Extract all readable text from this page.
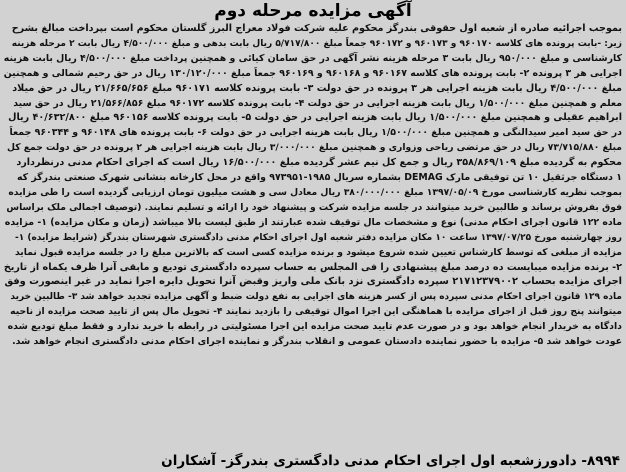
آگهی مزایده مرحله دوم
بموجب اجرائیه صادره از شعبه اول حقوقی بندرگز محکوم علیه شرکت فولاد معراج البرز گلستان محکوم است بپرداخت مبالغ بشرح
زیر: -بابت پرونده های کلاسه ۹۶۰۱۷۰ و ۹۶۰۱۷۳ و ۹۶۰۱۷۲ جمعاً مبلغ ۵/۷۱۷/۸۰۰ ریال بابت بدهی و مبلغ ۴/۵۰۰/۰۰۰ ریال بابت ۲ مرحله هزینه
کارشناسی و مبلغ ۹۵۰/۰۰۰ ریال بابت ۳ مرحله هزینه نشر آگهی در حق سامان کیائی و همچنین پرداخت مبلغ ۴/۵۰۰/۰۰۰ ریال بابت هزینه
اجرایی هر ۳ پرونده ۲- بابت پرونده های کلاسه ۹۶۰۱۶۷ و ۹۶۰۱۶۸ و ۹۶۰۱۶۹ جمعاً مبلغ ۱۳۰/۱۲۰/۰۰۰ ریال در حق رحیم شمالی و همچنین
مبلغ ۴/۵۰۰/۰۰۰ ریال بابت هزینه اجرایی هر ۳ پرونده در حق دولت ۳- بابت پرونده کلاسه ۹۶۰۱۷۱ مبلغ ۲۱/۶۶۵/۶۵۶ ریال در حق میلاد
معلم و همچنین مبلغ ۱/۵۰۰/۰۰۰ ریال بابت هزینه اجرایی در حق دولت ۴- بابت پرونده کلاسه ۹۶۰۱۷۲ مبلغ ۲۱/۵۶۶/۸۵۶ ریال در حق سید
ابراهیم عقیلی و همچنین مبلغ ۱/۵۰۰/۰۰۰ ریال بابت هزینه اجرایی در حق دولت ۵- بابت پرونده کلاسه ۹۶۰۱۵۶ مبلغ ۴۰/۶۳۲/۸۰۰ ریال
در حق سید امیر سیدالنگی و همچنین مبلغ ۱/۵۰۰/۰۰۰ ریال بابت هزینه اجرایی در حق دولت ۶- بابت پرونده های ۹۶۰۱۴۸ و ۹۶۰۳۴۴ جمعاً
مبلغ ۷۳/۷۱۵/۸۸۰ ریال در حق مرتضی ریاحی وزواری و همچنین مبلغ ۳/۰۰۰/۰۰۰ ریال بابت هزینه اجرایی هر ۲ پرونده در حق دولت جمع کل
محکوم به گردیده مبلغ ۳۵۸/۸۶۹/۱۰۹ ریال و جمع کل نیم عشر گردیده مبلغ ۱۶/۵۰۰/۰۰۰ ریال است که اجرای احکام مدنی درنظردارد
۱ دستگاه جرثقیل ۱۰ تن توفیقی مارک DEMAG بشماره سریال ۱۹۸۵-۹۷۳۹۵۱ واقع در محل کارخانه بنشانی شهرک صنعتی بندرگز که
بموجب نظریه کارشناسی مورخ ۱۳۹۷/۰۵/۰۹ مبلغ ۳۸۰/۰۰۰/۰۰۰ ریال معادل سی و هشت میلیون تومان ارزیابی گردیده است را طی مزایده
فوق بفروش برساند و طالبین خرید میتوانند در جلسه مزایده شرکت و پیشنهاد خود را ارائه و تسلیم نمایند. (توصیف اجمالی ملک براساس
ماده ۱۲۲ قانون اجرای احکام مدنی) نوع و مشخصات مال توقیف شده عبارتند از طبق لیست بالا میباشد (زمان و مکان مزایده) ۱- مزایده
روز چهارشنبه مورخ ۱۳۹۷/۰۷/۲۵ ساعت ۱۰ مکان مزایده دفتر شعبه اول اجرای احکام مدنی دادگستری شهرستان بندرگز (شرایط مزایده) ۱-
مزایده از مبلغی که توسط کارشناس تعیین شده شروع میشود و برنده مزایده کسی است که بالاترین مبلغ را در جلسه مزایده قبول نماید
۲- برنده مزایده میبایست ده درصد مبلغ پیشنهادی را فی المجلس به حساب سپرده دادگستری تودیع و مابقی آنرا ظرف یکماه از تاریخ
اجرای مزایده بحساب ۲۱۷۱۲۳۷۹۰۰۲ سپرده دادگستری نزد بانک ملی واریز وقبض آنرا تحویل دایره اجرا نماید در غیر اینصورت وفق
ماده ۱۲۹ قانون اجرای احکام مدنی سپرده پس از کسر هزینه های اجرایی به نفع دولت ضبط و آگهی مزایده تجدید خواهد شد ۳- طالبین خرید
میتوانند پنج روز قبل از اجرای مزایده با هماهنگی این اجرا اموال توقیفی را بازدید نمایند ۴- تحویل مال پس از تایید صحت مزایده از ناحیه
دادگاه به خریدار انجام خواهد بود و در صورت عدم تایید صحت مزایده این اجرا مسئولیتی در رابطه با خرید ندارد و فقط مبلغ تودیع شده
عودت خواهد شد ۵- مزایده با حضور نماینده دادستان عمومی و انقلاب بندرگز و نماینده اجرای احکام مدنی دادگستری انجام خواهد شد.
۸۹۹۴- دادورزشعبه اول اجرای احکام مدنی دادگستری بندرگز- آشکاران
